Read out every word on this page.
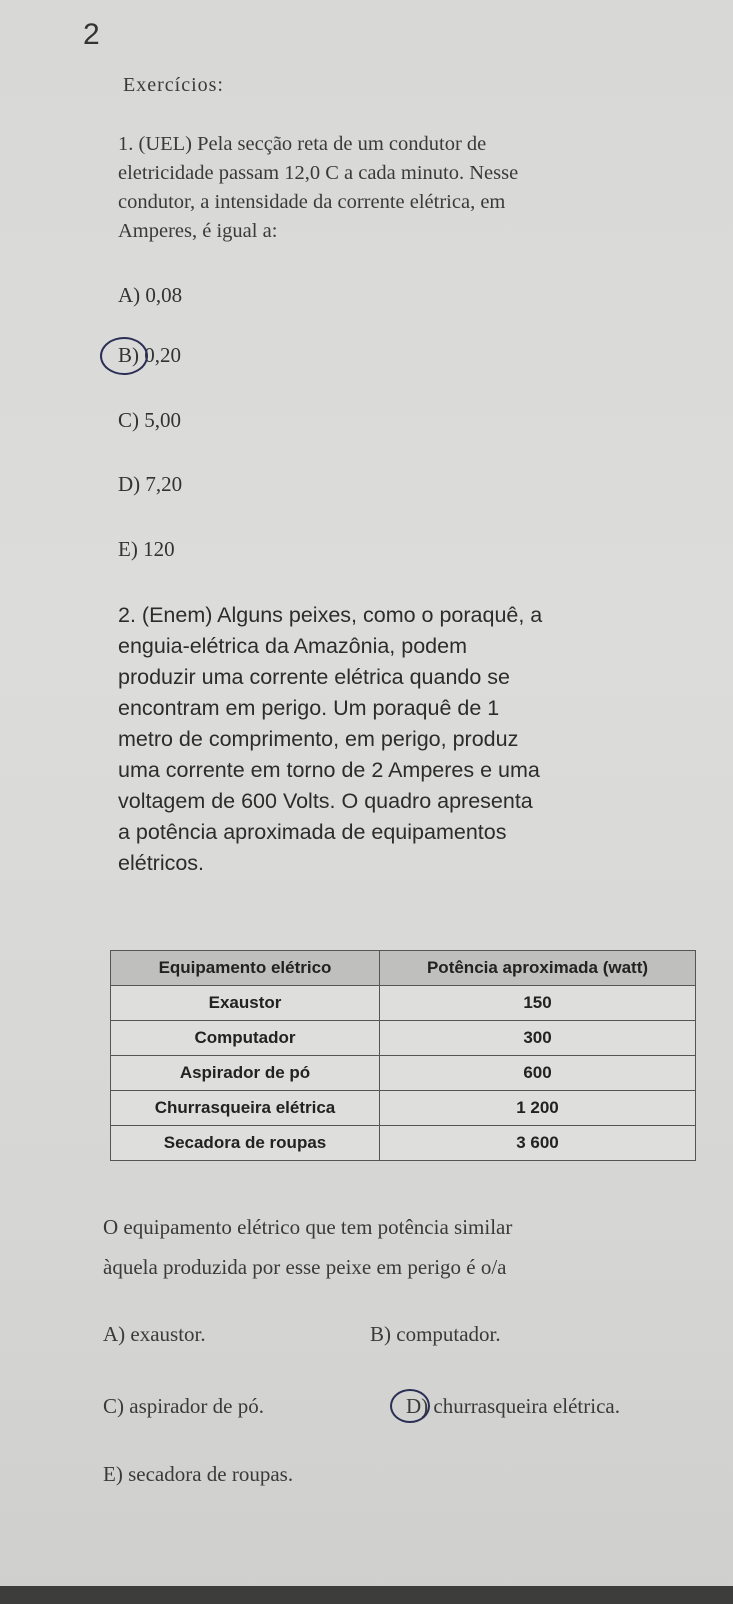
2
Exercícios:
1. (UEL) Pela secção reta de um condutor de
eletricidade passam 12,0 C a cada minuto. Nesse
condutor, a intensidade da corrente elétrica, em
Amperes, é igual a:
A) 0,08
B) 0,20
C) 5,00
D) 7,20
E) 120
2. (Enem) Alguns peixes, como o poraquê, a
enguia-elétrica da Amazônia, podem
produzir uma corrente elétrica quando se
encontram em perigo. Um poraquê de 1
metro de comprimento, em perigo, produz
uma corrente em torno de 2 Amperes e uma
voltagem de 600 Volts. O quadro apresenta
a potência aproximada de equipamentos
elétricos.
Equipamento elétrico	Potência aproximada (watt)
Exaustor	150
Computador	300
Aspirador de pó	600
Churrasqueira elétrica	1 200
Secadora de roupas	3 600
O equipamento elétrico que tem potência similar
àquela produzida por esse peixe em perigo é o/a
A) exaustor.	B) computador.
C) aspirador de pó.	D) churrasqueira elétrica.
E) secadora de roupas.
